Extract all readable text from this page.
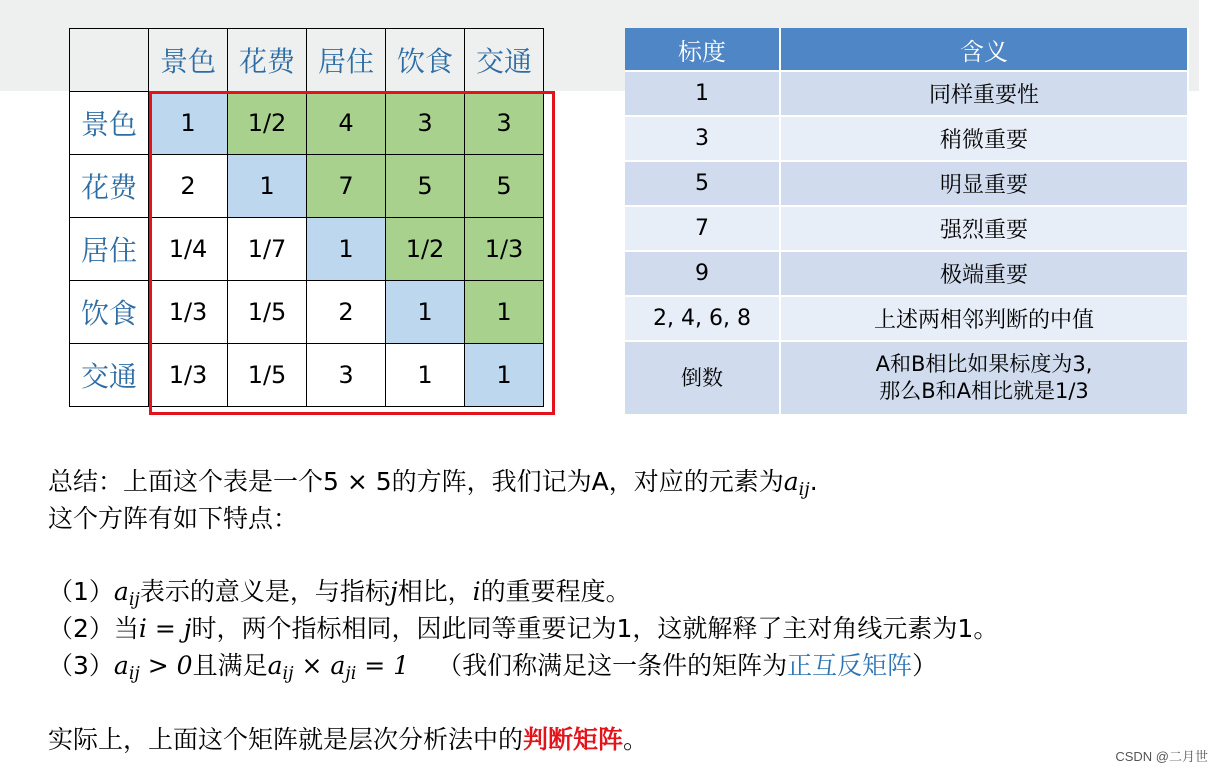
	景色	花费	居住	饮食	交通
景色	1	1/2	4	3	3
花费	2	1	7	5	5
居住	1/4	1/7	1	1/2	1/3
饮食	1/3	1/5	2	1	1
交通	1/3	1/5	3	1	1
标度	含义
1	同样重要性
3	稍微重要
5	明显重要
7	强烈重要
9	极端重要
2, 4, 6, 8	上述两相邻判断的中值
倒数	A和B相比如果标度为3,
那么B和A相比就是1/3

总结：上面这个表是一个5 × 5的方阵，我们记为A，对应的元素为$a_{ij}$.

这个方阵有如下特点：

$(1)a_{ij}$表示的意义是，与指标j相比，i的重要程度。

（2）当i = j时，两个指标相同，因此同等重要记为1，这就解释了主对角线元素为1。

$(3)a_{ij} > 0$且满足$a_{ij} \times a_{ji} = 1$ （我们称满足这一条件的矩阵为正互反矩阵）

实际上，上面这个矩阵就是层次分析法中的判断矩阵。

CSDN @二月世
